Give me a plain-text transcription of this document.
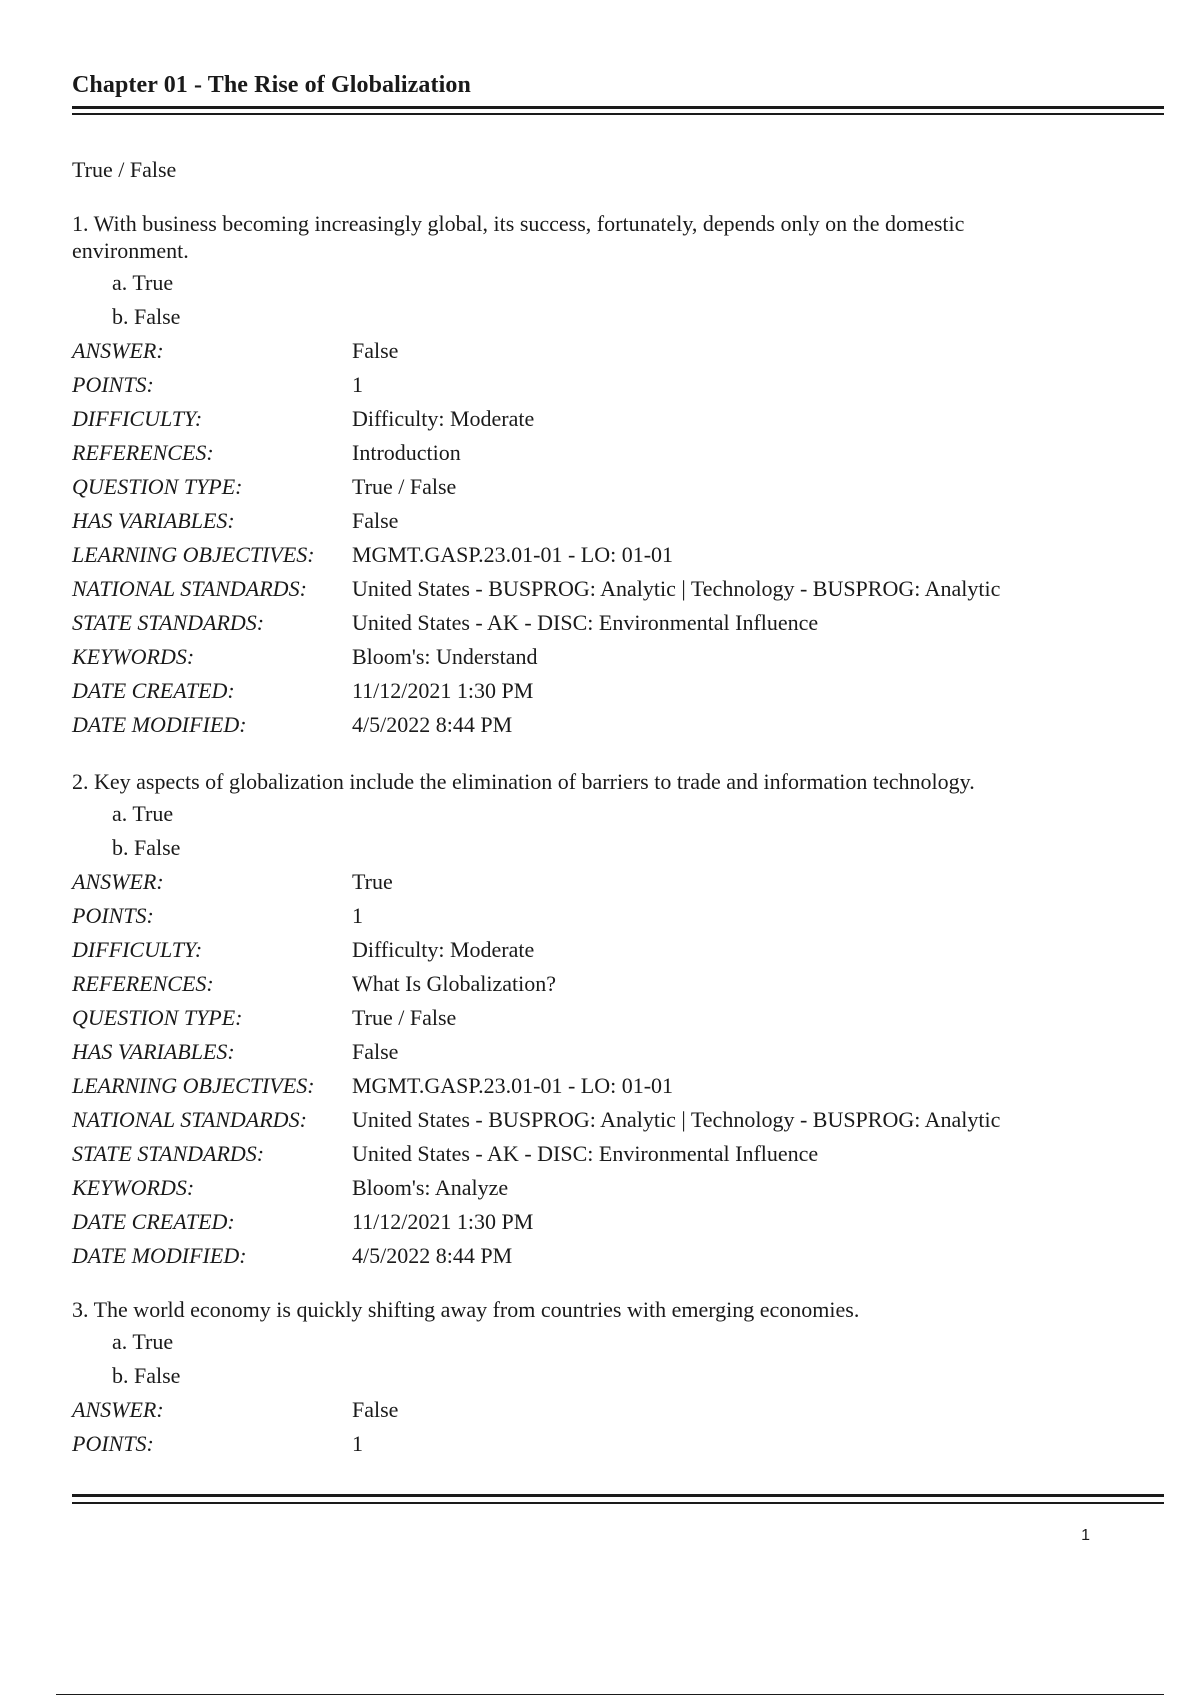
Chapter 01 - The Rise of Globalization
True / False

1. With business becoming increasingly global, its success, fortunately, depends only on the domestic environment.

a. True
b. False
ANSWER:	False
POINTS:	1
DIFFICULTY:	Difficulty: Moderate
REFERENCES:	Introduction
QUESTION TYPE:	True / False
HAS VARIABLES:	False
LEARNING OBJECTIVES:	MGMT.GASP.23.01-01 - LO: 01-01
NATIONAL STANDARDS:	United States - BUSPROG: Analytic | Technology - BUSPROG: Analytic
STATE STANDARDS:	United States - AK - DISC: Environmental Influence
KEYWORDS:	Bloom's: Understand
DATE CREATED:	11/12/2021 1:30 PM
DATE MODIFIED:	4/5/2022 8:44 PM

2. Key aspects of globalization include the elimination of barriers to trade and information technology.

a. True
b. False
ANSWER:	True
POINTS:	1
DIFFICULTY:	Difficulty: Moderate
REFERENCES:	What Is Globalization?
QUESTION TYPE:	True / False
HAS VARIABLES:	False
LEARNING OBJECTIVES:	MGMT.GASP.23.01-01 - LO: 01-01
NATIONAL STANDARDS:	United States - BUSPROG: Analytic | Technology - BUSPROG: Analytic
STATE STANDARDS:	United States - AK - DISC: Environmental Influence
KEYWORDS:	Bloom's: Analyze
DATE CREATED:	11/12/2021 1:30 PM
DATE MODIFIED:	4/5/2022 8:44 PM

3. The world economy is quickly shifting away from countries with emerging economies.

a. True
b. False
ANSWER:	False
POINTS:	1
1
